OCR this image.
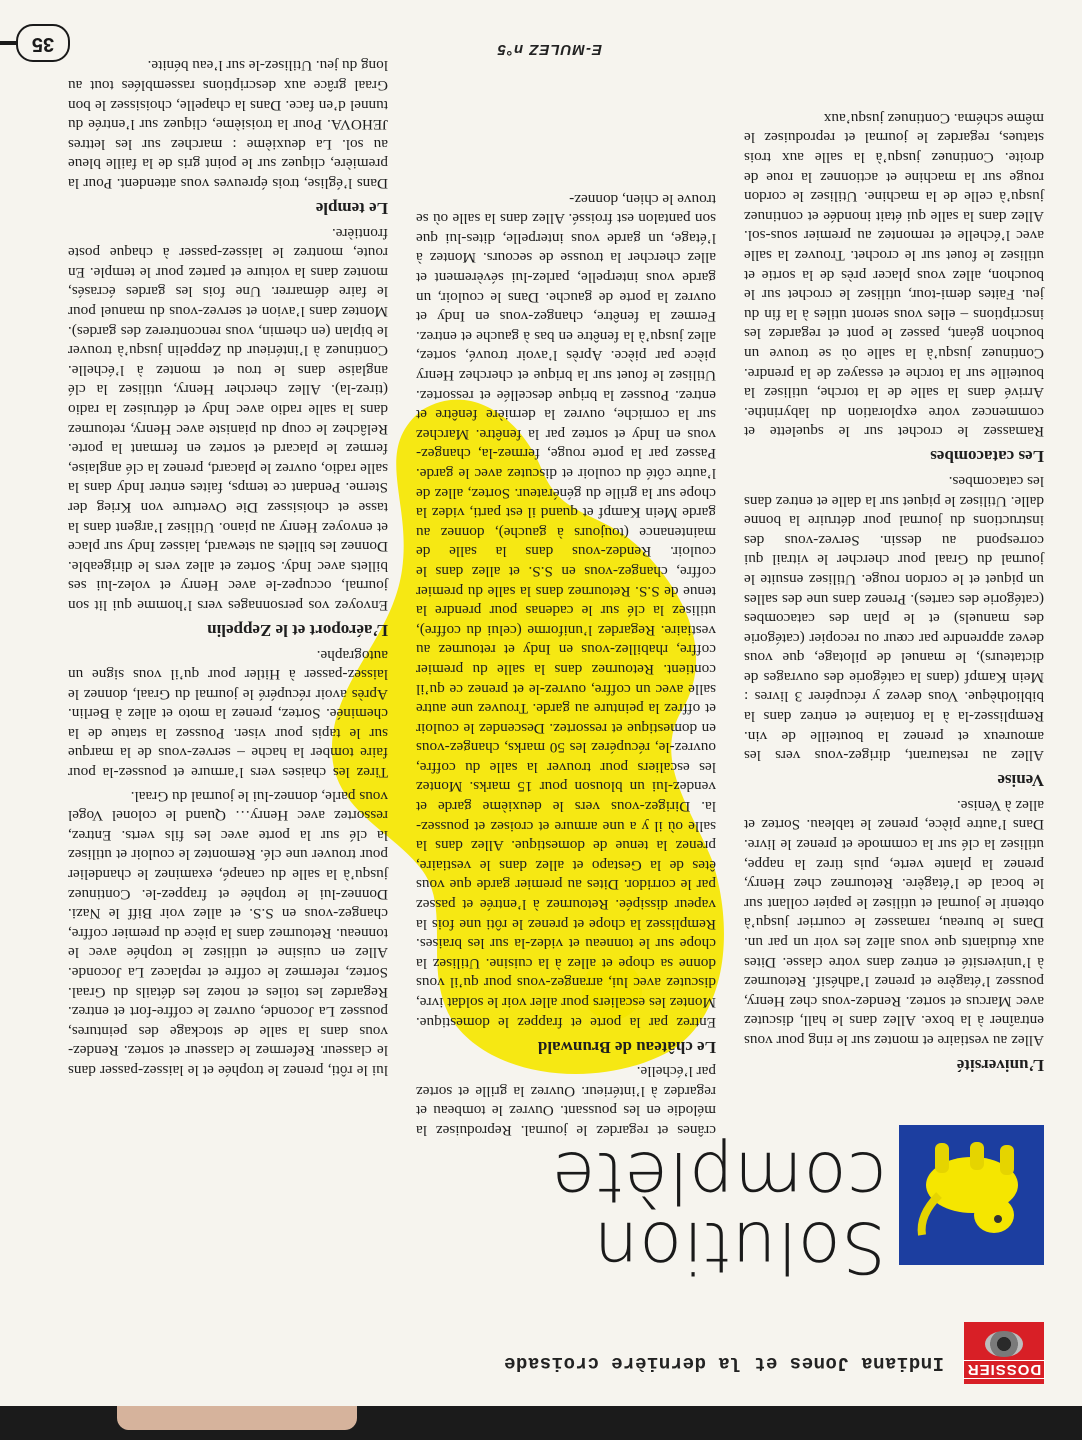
DOSSIER
Indiana Jones et la dernière croisade
Solution
complète
L’université

Allez au vestiaire et montez sur le ring pour vous entraîner à la boxe. Allez dans le hall, discutez avec Marcus et sortez. Rendez-vous chez Henry, poussez l’étagère et prenez l’adhésif. Retournez à l’université et entrez dans votre classe. Dites aux étudiants que vous allez les voir un par un. Dans le bureau, ramassez le courrier jusqu’à obtenir le journal et utilisez le papier collant sur le bocal de l’étagère. Retournez chez Henry, prenez la plante verte, puis tirez la nappe, utilisez la clé sur la commode et prenez le livre. Dans l’autre pièce, prenez le tableau. Sortez et allez à Venise.

Venise

Allez au restaurant, dirigez-vous vers les amoureux et prenez la bouteille de vin. Remplissez-la à la fontaine et entrez dans la bibliothèque. Vous devez y récupérer 3 livres : Mein Kampf (dans la catégorie des ouvrages de dictateurs), le manuel de pilotage, que vous devez apprendre par cœur ou recopier (catégorie des manuels) et le plan des catacombes (catégorie des cartes). Prenez dans une des salles un piquet et le cordon rouge. Utilisez ensuite le journal du Graal pour chercher le vitrail qui correspond au dessin. Servez-vous des instructions du journal pour détruire la bonne dalle. Utilisez le piquet sur la dalle et entrez dans les catacombes.

Les catacombes

Ramassez le crochet sur le squelette et commencez votre exploration du labyrinthe. Arrivé dans la salle de la torche, utilisez la bouteille sur la torche et essayez de la prendre. Continuez jusqu’à la salle où se trouve un bouchon géant, passez le pont et regardez les inscriptions – elles vous seront utiles à la fin du jeu. Faites demi-tour, utilisez le crochet sur le bouchon, allez vous placer près de la sortie et utilisez le fouet sur le crochet. Trouvez la salle avec l’échelle et remontez au premier sous-sol. Allez dans la salle qui était inondée et continuez jusqu’à celle de la machine. Utilisez le cordon rouge sur la machine et actionnez la roue de droite. Continuez jusqu’à la salle aux trois statues, regardez le journal et reproduisez le même schéma. Continuez jusqu’aux

crânes et regardez le journal. Reproduisez la mélodie en les poussant. Ouvrez le tombeau et regardez à l’intérieur. Ouvrez la grille et sortez par l’échelle.

Le château de Brunwald

Entrez par la porte et frappez le domestique. Montez les escaliers pour aller voir le soldat ivre, discutez avec lui, arrangez-vous pour qu’il vous donne sa chope et allez à la cuisine. Utilisez la chope sur le tonneau et videz-la sur les braises. Remplissez la chope et prenez le rôti une fois la vapeur dissipée. Retournez à l’entrée et passez par le corridor. Dites au premier garde que vous êtes de la Gestapo et allez dans le vestiaire, prenez la tenue de domestique. Allez dans la salle où il y a une armure et croisez et poussez-la. Dirigez-vous vers le deuxième garde et vendez-lui un blouson pour 15 marks. Montez les escaliers pour trouver la salle du coffre, ouvrez-le, récupérez les 50 marks, changez-vous en domestique et ressortez. Descendez le couloir et offrez la peinture au garde. Trouvez une autre salle avec un coffre, ouvrez-le et prenez ce qu’il contient. Retournez dans la salle du premier coffre, rhabillez-vous en Indy et retournez au vestiaire. Regardez l’uniforme (celui du coffre), utilisez la clé sur le cadenas pour prendre la tenue de S.S. Retournez dans la salle du premier coffre, changez-vous en S.S. et allez dans le couloir. Rendez-vous dans la salle de maintenance (toujours à gauche), donnez au garde Mein Kampf et quand il est parti, videz la chope sur la grille du générateur. Sortez, allez de l’autre côté du couloir et discutez avec le garde. Passez par la porte rouge, fermez-la, changez-vous en Indy et sortez par la fenêtre. Marchez sur la corniche, ouvrez la dernière fenêtre et entrez. Poussez la brique descellée et ressortez. Utilisez le fouet sur la brique et cherchez Henry pièce par pièce. Après l’avoir trouvé, sortez, allez jusqu’à la fenêtre en bas à gauche et entrez. Fermez la fenêtre, changez-vous en Indy et ouvrez la porte de gauche. Dans le couloir, un garde vous interpelle, parlez-lui sévèrement et allez chercher la trousse de secours. Montez à l’étage, un garde vous interpelle, dites-lui que son pantalon est froissé. Allez dans la salle où se trouve le chien, donnez-

lui le rôti, prenez le trophée et le laissez-passer dans le classeur. Refermez le classeur et sortez. Rendez-vous dans la salle de stockage des peintures, poussez La Joconde, ouvrez le coffre-fort et entrez. Regardez les toiles et notez les détails du Graal. Sortez, refermez le coffre et replacez La Joconde. Allez en cuisine et utilisez le trophée avec le tonneau. Retournez dans la pièce du premier coffre, changez-vous en S.S. et allez voir Biff le Nazi. Donnez-lui le trophée et frappez-le. Continuez jusqu’à la salle du canapé, examinez le chandelier pour trouver une clé. Remontez le couloir et utilisez la clé sur la porte avec les fils verts. Entrez, ressortez avec Henry… Quand le colonel Vogel vous parle, donnez-lui le journal du Graal.

Tirez les chaises vers l’armure et poussez-la pour faire tomber la hache – servez-vous de la marque sur le tapis pour viser. Poussez la statue de la cheminée. Sortez, prenez la moto et allez à Berlin. Après avoir récupéré le journal du Graal, donnez le laissez-passer à Hitler pour qu’il vous signe un autographe.

L’aéroport et le Zeppelin

Envoyez vos personnages vers l’homme qui lit son journal, occupez-le avec Henry et volez-lui ses billets avec Indy. Sortez et allez vers le dirigeable. Donnez les billets au steward, laissez Indy sur place et envoyez Henry au piano. Utilisez l’argent dans la tasse et choisissez Die Overture von Krieg der Sterne. Pendant ce temps, faites entrer Indy dans la salle radio, ouvrez le placard, prenez la clé anglaise, fermez le placard et sortez en fermant la porte. Relâchez le coup du pianiste avec Henry, retournez dans la salle radio avec Indy et détruisez la radio (tirez-la). Allez chercher Henry, utilisez la clé anglaise dans le trou et montez à l’échelle. Continuez à l’intérieur du Zeppelin jusqu’à trouver le biplan (en chemin, vous rencontrerez des gardes). Montez dans l’avion et servez-vous du manuel pour le faire démarrer. Une fois les gardes écrasés, montez dans la voiture et partez pour le temple. En route, montrez le laissez-passer à chaque poste frontière.

Le temple

Dans l’église, trois épreuves vous attendent. Pour la première, cliquez sur le point gris de la faille bleue au sol. La deuxième : marchez sur les lettres JEHOVA. Pour la troisième, cliquez sur l’entrée du tunnel d’en face. Dans la chapelle, choisissez le bon Graal grâce aux descriptions rassemblées tout au long du jeu. Utilisez-le sur l’eau bénite.

E-MULEZ n°5
35
